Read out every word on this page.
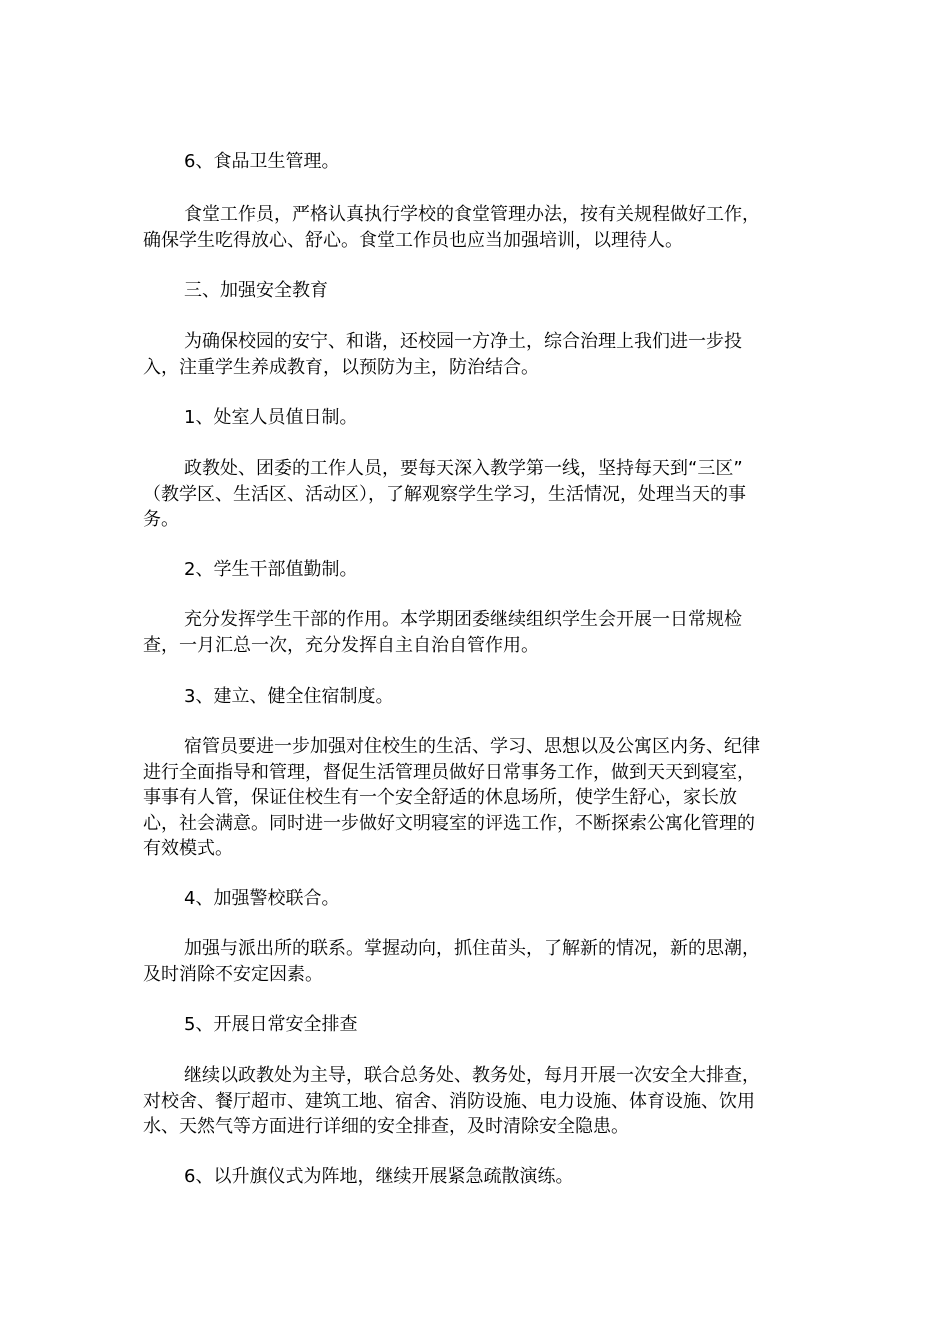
6、食品卫生管理。

食堂工作员，严格认真执行学校的食堂管理办法，按有关规程做好工作，
确保学生吃得放心、舒心。食堂工作员也应当加强培训，以理待人。

三、加强安全教育

为确保校园的安宁、和谐，还校园一方净土，综合治理上我们进一步投
入，注重学生养成教育，以预防为主，防治结合。

1、处室人员值日制。

政教处、团委的工作人员，要每天深入教学第一线，坚持每天到“三区”
（教学区、生活区、活动区），了解观察学生学习，生活情况，处理当天的事
务。

2、学生干部值勤制。

充分发挥学生干部的作用。本学期团委继续组织学生会开展一日常规检
查，一月汇总一次，充分发挥自主自治自管作用。

3、建立、健全住宿制度。

宿管员要进一步加强对住校生的生活、学习、思想以及公寓区内务、纪律
进行全面指导和管理，督促生活管理员做好日常事务工作，做到天天到寝室，
事事有人管，保证住校生有一个安全舒适的休息场所，使学生舒心，家长放
心，社会满意。同时进一步做好文明寝室的评选工作，不断探索公寓化管理的
有效模式。

4、加强警校联合。

加强与派出所的联系。掌握动向，抓住苗头，了解新的情况，新的思潮，
及时消除不安定因素。

5、开展日常安全排查

继续以政教处为主导，联合总务处、教务处，每月开展一次安全大排查，
对校舍、餐厅超市、建筑工地、宿舍、消防设施、电力设施、体育设施、饮用
水、天然气等方面进行详细的安全排查，及时清除安全隐患。

6、以升旗仪式为阵地，继续开展紧急疏散演练。
